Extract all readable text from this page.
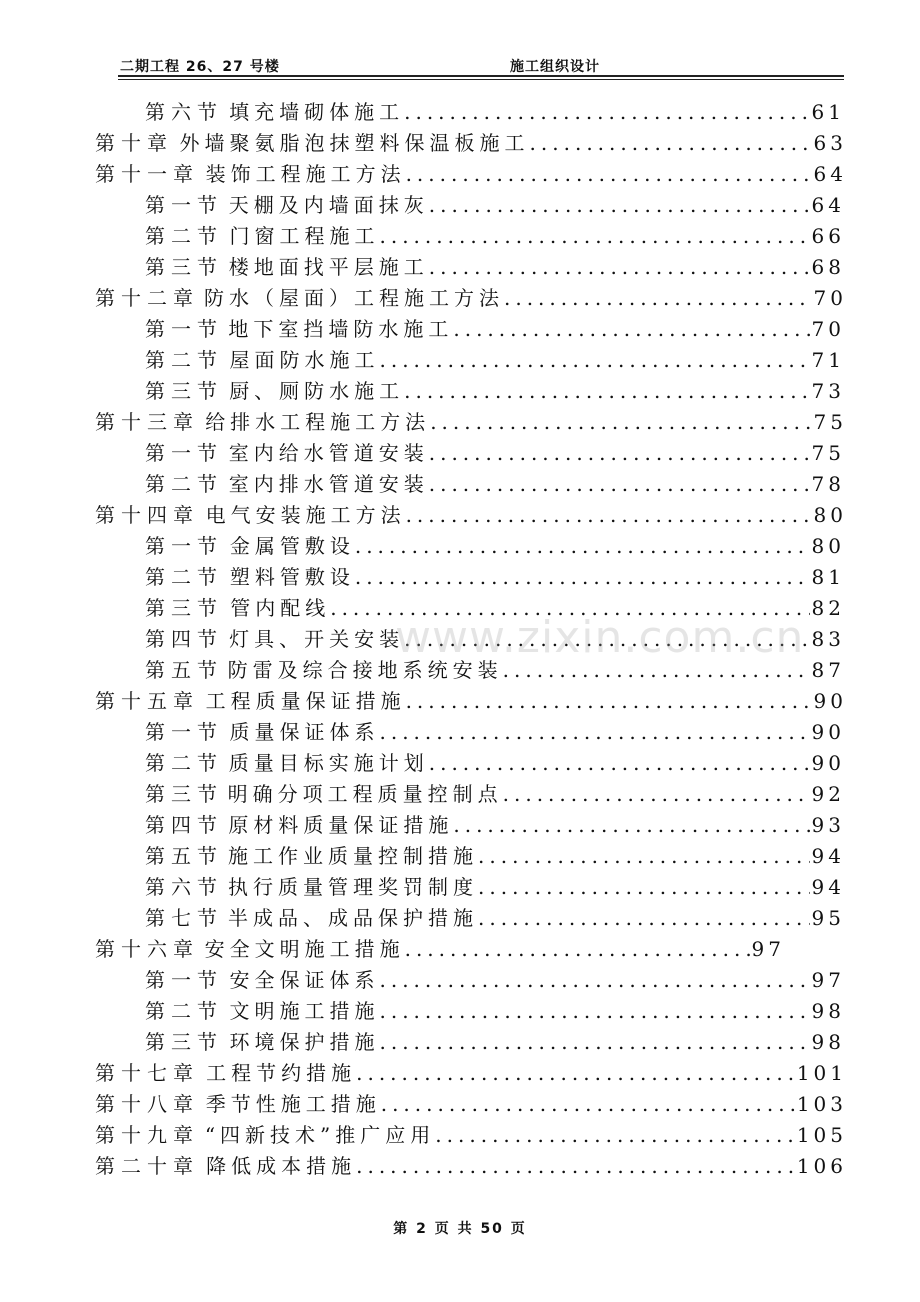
二期工程 26、27 号楼	施工组织设计
第六节 填充墙砌体施工 .....	61
第十章 外墙聚氨脂泡抹塑料保温板施工 .....	63
第十一章 装饰工程施工方法 .....	64
第一节 天棚及内墙面抹灰 .....	64
第二节 门窗工程施工 .....	66
第三节 楼地面找平层施工 .....	68
第十二章 防水（屋面）工程施工方法 .....	70
第一节 地下室挡墙防水施工 .....	70
第二节 屋面防水施工 .....	71
第三节 厨、厕防水施工 .....	73
第十三章 给排水工程施工方法 .....	75
第一节 室内给水管道安装 .....	75
第二节 室内排水管道安装 .....	78
第十四章 电气安装施工方法 .....	80
第一节 金属管敷设 .....	80
第二节 塑料管敷设 .....	81
第三节 管内配线 .....	82
第四节 灯具、开关安装 .....	83
第五节 防雷及综合接地系统安装 .....	87
第十五章 工程质量保证措施 .....	90
第一节 质量保证体系 .....	90
第二节 质量目标实施计划 .....	90
第三节 明确分项工程质量控制点 .....	92
第四节 原材料质量保证措施 .....	93
第五节 施工作业质量控制措施 .....	94
第六节 执行质量管理奖罚制度 .....	94
第七节 半成品、成品保护措施 .....	95
第十六章 安全文明施工措施 .....	97
第一节 安全保证体系 .....	97
第二节 文明施工措施 .....	98
第三节 环境保护措施 .....	98
第十七章 工程节约措施 .....	101
第十八章 季节性施工措施 .....	103
第十九章 “四新技术”推广应用 .....	105
第二十章 降低成本措施 .....	106
www.zixin.com.cn
第 2 页 共 50 页
